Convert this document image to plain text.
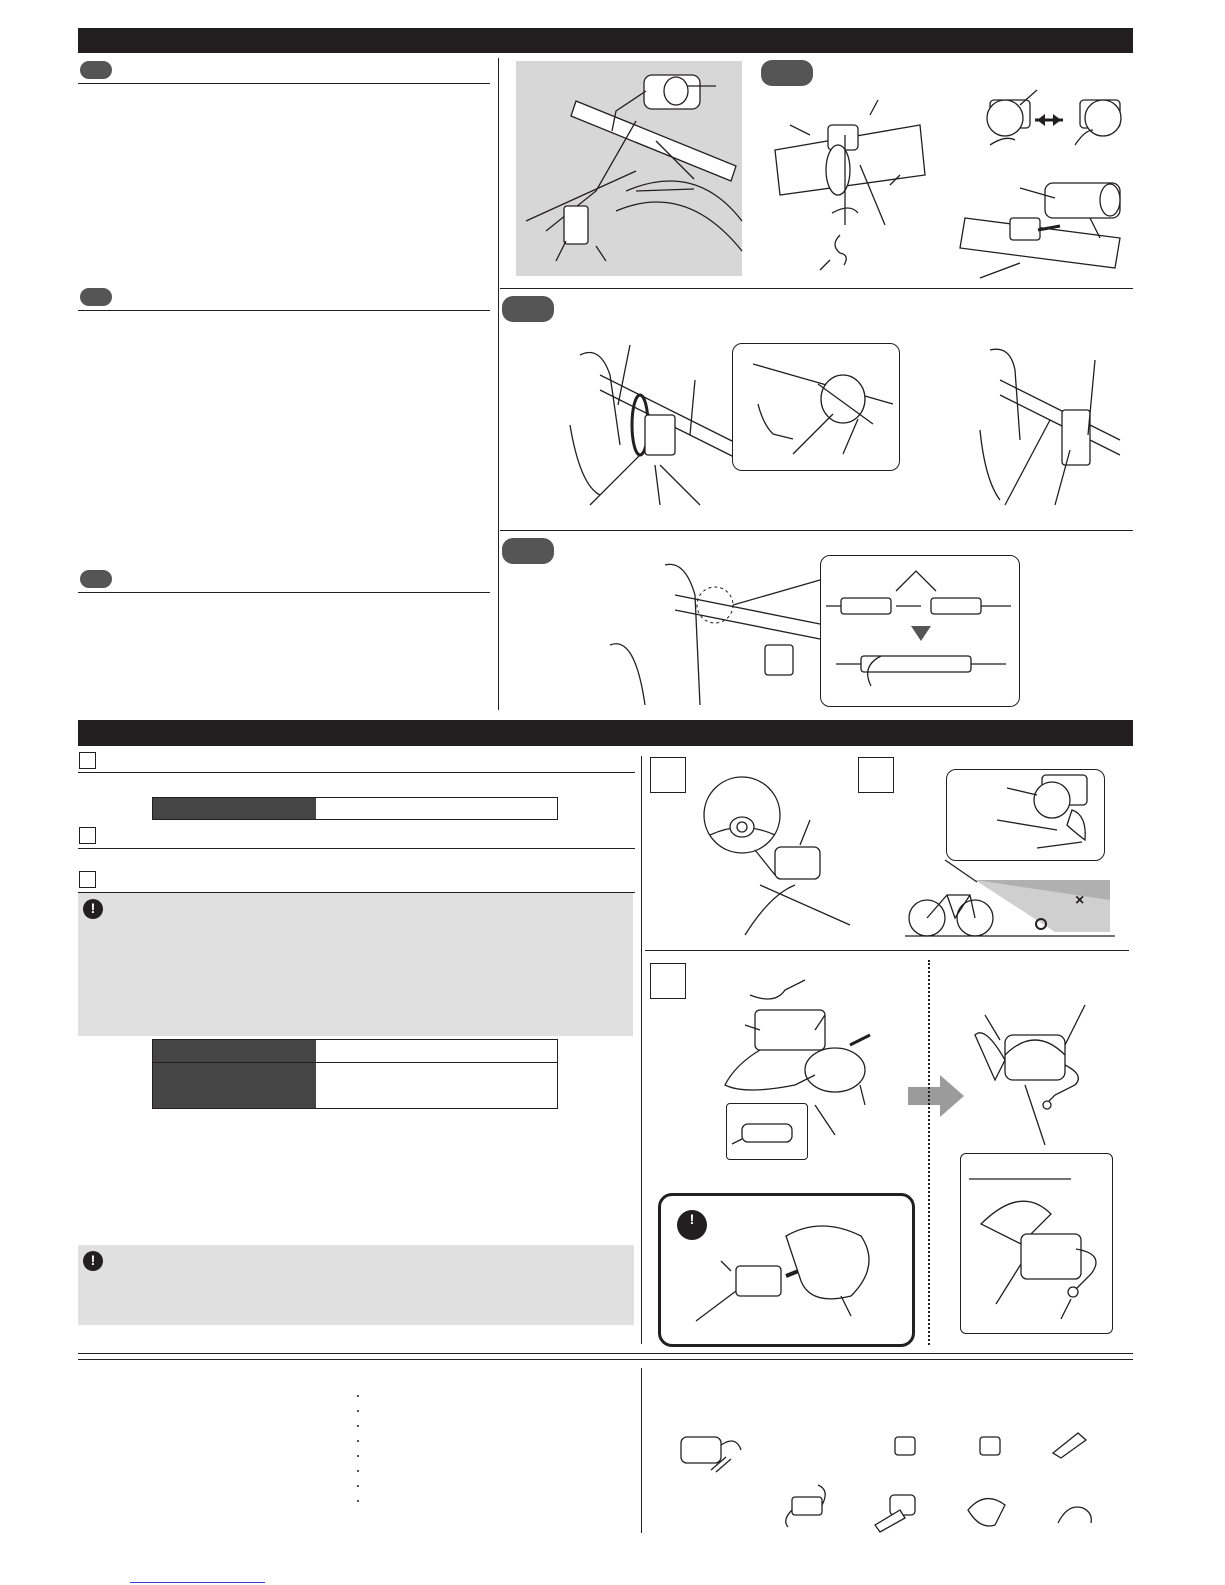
!
!
×
!
